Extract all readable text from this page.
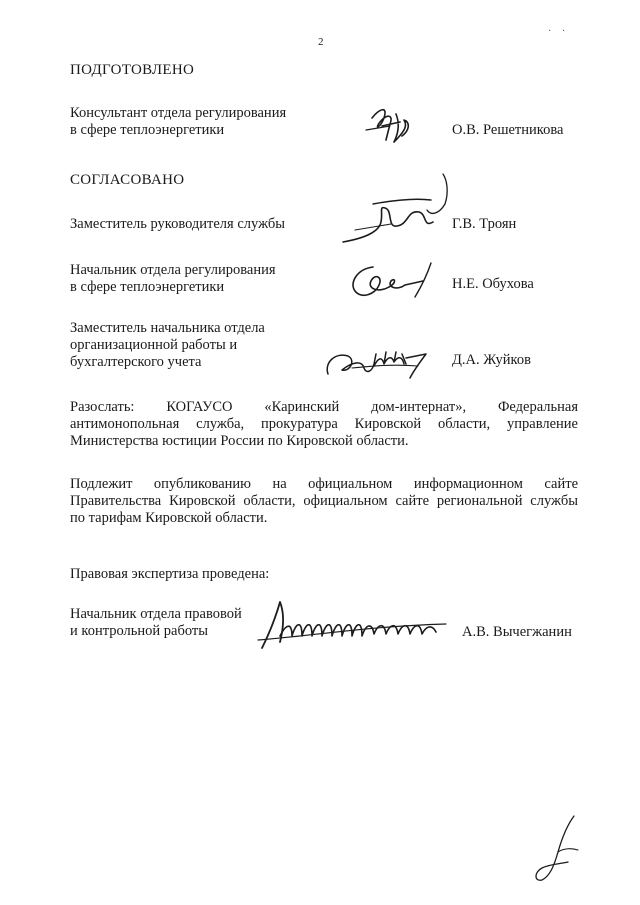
2
· ·
ПОДГОТОВЛЕНО
Консультант отдела регулирования
в сфере теплоэнергетики	О.В. Решетникова
СОГЛАСОВАНО
Заместитель руководителя службы	Г.В. Троян
Начальник отдела регулирования
в сфере теплоэнергетики	Н.Е. Обухова
Заместитель начальника отдела
организационной работы и
бухгалтерского учета	Д.А. Жуйков
Разослать: КОГАУСО «Каринский дом-интернат», Федеральная
антимонопольная служба, прокуратура Кировской области, управление
Министерства юстиции России по Кировской области.
Подлежит опубликованию на официальном информационном сайте
Правительства Кировской области, официальном сайте региональной службы
по тарифам Кировской области.
Правовая экспертиза проведена:
Начальник отдела правовой
и контрольной работы	А.В. Вычегжанин
